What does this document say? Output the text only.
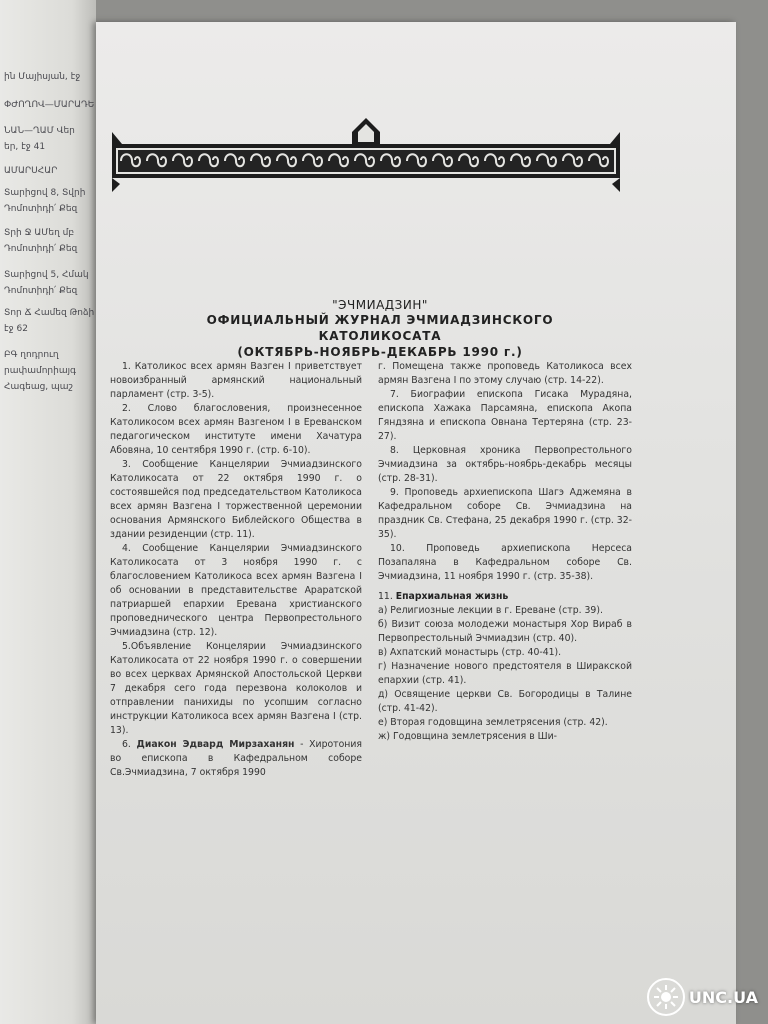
ին Մայիսյան, էջ
ՓԺՈՂՈՎ—ՄԱՐԱԴԵ
ՆԱՆ—ՂԱՄ Վեր
եր, էջ 41
ԱՄԱՐՍՀԱՐ
Տարիցով 8, Տվրի
Դոմոտիդի՛ Քեզ
Տրի Ջ ԱՄեղ մբ
Դոմոտիդի՛ Քեզ
Տարիցով 5, Հմակ
Դոմոտիդի՛ Քեզ
Տոր Ճ Համեզ Թոձի
էջ 62
ԲԳ ղոդրուղ
րափամորիայգ
Հագեաց, պաշ
"ЭЧМИАДЗИН"
ОФИЦИАЛЬНЫЙ ЖУРНАЛ ЭЧМИАДЗИНСКОГО КАТОЛИКОСАТА
(ОКТЯБРЬ-НОЯБРЬ-ДЕКАБРЬ 1990 г.)
1. Католикос всех армян Вазген I приветствует новоизбранный армянский национальный парламент (стр. 3-5).
2. Слово благословения, произнесенное Католикосом всех армян Вазгеном I в Ереванском педагогическом институте имени Хачатура Абовяна, 10 сентября 1990 г. (стр. 6-10).
3. Сообщение Канцелярии Эчмиадзинского Католикосата от 22 октября 1990 г. о состоявшейся под председательством Католикоса всех армян Вазгена I торжественной церемонии основания Армянского Библейского Общества в здании резиденции (стр. 11).
4. Сообщение Канцелярии Эчмиадзинского Католикосата от 3 ноября 1990 г. с благословением Католикоса всех армян Вазгена I об основании в представительстве Араратской патриаршей епархии Еревана христианского проповеднического центра Первопрестольного Эчмиадзина (стр. 12).
5.Объявление Концелярии Эчмиадзинского Католикосата от 22 ноября 1990 г. о совершении во всех церквах Армянской Апостольской Церкви 7 декабря сего года перезвона колоколов и отправлении панихиды по усопшим согласно инструкции Католикоса всех армян Вазгена I (стр. 13).
6. Диакон Эдвард Мирзаханян - Хиротония во епископа в Кафедральном соборе Св.Эчмиадзина, 7 октября 1990
г. Помещена также проповедь Католикоса всех армян Вазгена I по этому случаю (стр. 14-22).
7. Биографии епископа Гисака Мурадяна, епископа Хажака Парсамяна, епископа Акопа Гяндзяна и епископа Овнана Тертеряна (стр. 23-27).
8. Церковная хроника Первопрестольного Эчмиадзина за октябрь-ноябрь-декабрь месяцы (стр. 28-31).
9. Проповедь архиепископа Шагэ Аджемяна в Кафедральном соборе Св. Эчмиадзина на праздник Св. Стефана, 25 декабря 1990 г. (стр. 32-35).
10. Проповедь архиепископа Нерсеса Позапаляна в Кафедральном соборе Св. Эчмиадзина, 11 ноября 1990 г. (стр. 35-38).
11. Епархиальная жизнь
а) Религиозные лекции в г. Ереване (стр. 39).
б) Визит союза молодежи монастыря Хор Вираб в Первопрестольный Эчмиадзин (стр. 40).
в) Ахпатский монастырь (стр. 40-41).
г) Назначение нового предстоятеля в Ширакской епархии (стр. 41).
д) Освящение церкви Св. Богородицы в Талине (стр. 41-42).
е) Вторая годовщина землетрясения (стр. 42).
ж) Годовщина землетрясения в Ши-
UNC.UA
